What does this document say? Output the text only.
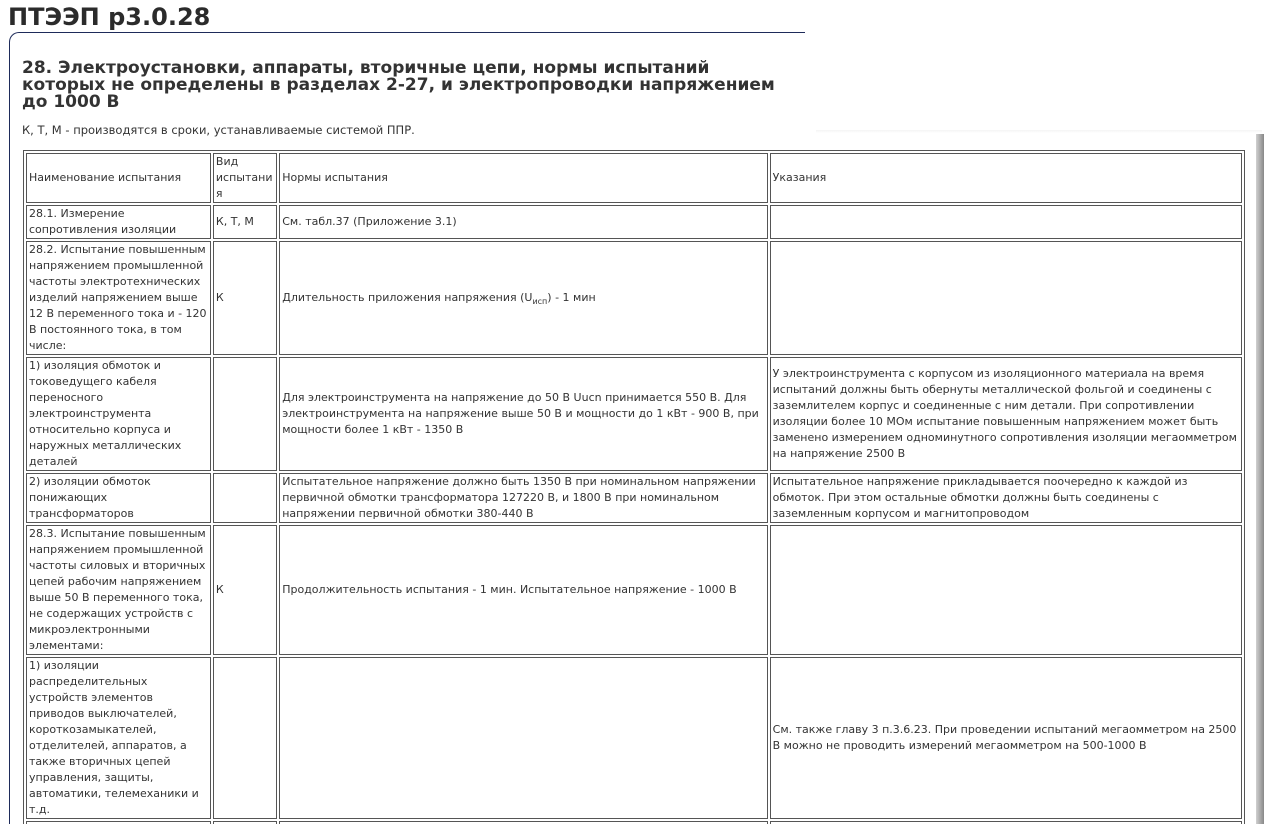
ПТЭЭП р3.0.28
28. Электроустановки, аппараты, вторичные цепи, нормы испытаний которых не определены в разделах 2-27, и электропроводки напряжением до 1000 В

К, Т, М - производятся в сроки, устанавливаемые системой ППР.

Наименование испытания	Вид испытания	Нормы испытания	Указания
28.1. Измерение сопротивления изоляции	К, Т, М	См. табл.37 (Приложение 3.1)	
28.2. Испытание повышенным напряжением промышленной частоты электротехнических изделий напряжением выше 12 В переменного тока и - 120 В постоянного тока, в том числе:	К	Длительность приложения напряжения $(U_{исп}) - 1$ мин	
1) изоляция обмоток и токоведущего кабеля переносного электроинструмента относительно корпуса и наружных металлических деталей		Для электроинструмента на напряжение до 50 В Uucn принимается 550 В. Для электроинструмента на напряжение выше 50 В и мощности до 1 кВт - 900 В, при мощности более 1 кВт - 1350 В	У электроинструмента с корпусом из изоляционного материала на время испытаний должны быть обернуты металлической фольгой и соединены с заземлителем корпус и соединенные с ним детали. При сопротивлении изоляции более 10 МОм испытание повышенным напряжением может быть заменено измерением одноминутного сопротивления изоляции мегаомметром на напряжение 2500 В
2) изоляции обмоток понижающих трансформаторов		Испытательное напряжение должно быть 1350 В при номинальном напряжении первичной обмотки трансформатора 127220 В, и 1800 В при номинальном напряжении первичной обмотки 380-440 В	Испытательное напряжение прикладывается поочередно к каждой из обмоток. При этом остальные обмотки должны быть соединены с заземленным корпусом и магнитопроводом
28.3. Испытание повышенным напряжением промышленной частоты силовых и вторичных цепей рабочим напряжением выше 50 В переменного тока, не содержащих устройств с микроэлектронными элементами:	К	Продолжительность испытания - 1 мин. Испытательное напряжение - 1000 В	
1) изоляции распределительных устройств элементов приводов выключателей, короткозамыкателей, отделителей, аппаратов, а также вторичных цепей управления, защиты, автоматики, телемеханики и т.д.			См. также главу 3 п.3.6.23. При проведении испытаний мегаомметром на 2500 В можно не проводить измерений мегаомметром на 500-1000 В
